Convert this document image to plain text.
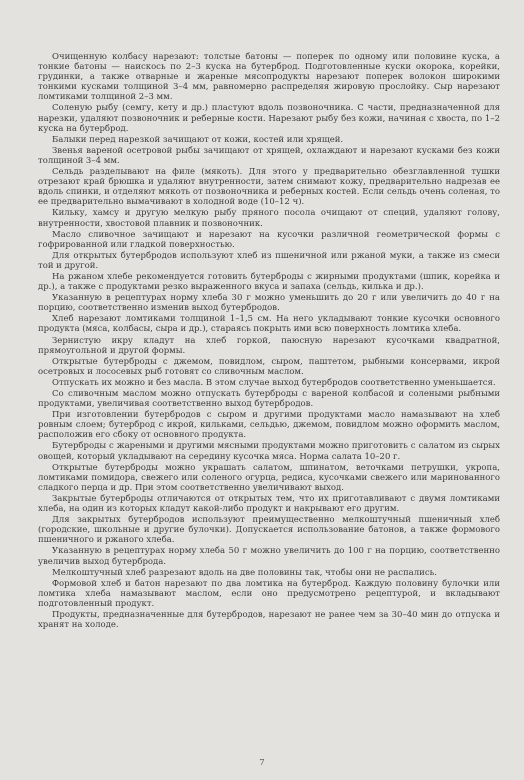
Очищенную колбасу нарезают: толстые батоны — поперек по одному или половине куска, а тонкие батоны — наискось по 2–3 куска на бутерброд. Подготовленные куски окорока, корейки, грудинки, а также отварные и жареные мясопродукты нарезают поперек волокон широкими тонкими кусками толщиной 3–4 мм, равномерно распределяя жировую прослойку. Сыр нарезают ломтиками толщиной 2–3 мм.

Соленую рыбу (семгу, кету и др.) пластуют вдоль позвоночника. С части, предназначенной для нарезки, удаляют позвоночник и реберные кости. Нарезают рыбу без кожи, начиная с хвоста, по 1–2 куска на бутерброд.

Балыки перед нарезкой зачищают от кожи, костей или хрящей.

Звенья вареной осетровой рыбы зачищают от хрящей, охлаждают и нарезают кусками без кожи толщиной 3–4 мм.

Сельдь разделывают на филе (мякоть). Для этого у предварительно обезглавленной тушки отрезают край брюшка и удаляют внутренности, затем снимают кожу, предварительно надрезав ее вдоль спинки, и отделяют мякоть от позвоночника и реберных костей. Если сельдь очень соленая, то ее предварительно вымачивают в холодной воде (10–12 ч).

Кильку, хамсу и другую мелкую рыбу пряного посола очищают от специй, удаляют голову, внутренности, хвостовой плавник и позвоночник.

Масло сливочное зачищают и нарезают на кусочки различной геометрической формы с гофрированной или гладкой поверхностью.

Для открытых бутербродов используют хлеб из пшеничной или ржаной муки, а также из смеси той и другой.

На ржаном хлебе рекомендуется готовить бутерброды с жирными продуктами (шпик, корейка и др.), а также с продуктами резко выраженного вкуса и запаха (сельдь, килька и др.).

Указанную в рецептурах норму хлеба 30 г можно уменьшить до 20 г или увеличить до 40 г на порцию, соответственно изменив выход бутербродов.

Хлеб нарезают ломтиками толщиной 1–1,5 см. На него укладывают тонкие кусочки основного продукта (мяса, колбасы, сыра и др.), стараясь покрыть ими всю поверхность ломтика хлеба.

Зернистую икру кладут на хлеб горкой, паюсную нарезают кусочками квадратной, прямоугольной и другой формы.

Открытые бутерброды с джемом, повидлом, сыром, паштетом, рыбными консервами, икрой осетровых и лососевых рыб готовят со сливочным маслом.

Отпускать их можно и без масла. В этом случае выход бутербродов соответственно уменьшается.

Со сливочным маслом можно отпускать бутерброды с вареной колбасой и солеными рыбными продуктами, увеличивая соответственно выход бутербродов.

При изготовлении бутербродов с сыром и другими продуктами масло намазывают на хлеб ровным слоем; бутерброд с икрой, кильками, сельдью, джемом, повидлом можно оформить маслом, расположив его сбоку от основного продукта.

Бутерброды с жареными и другими мясными продуктами можно приготовить с салатом из сырых овощей, который укладывают на середину кусочка мяса. Норма салата 10–20 г.

Открытые бутерброды можно украшать салатом, шпинатом, веточками петрушки, укропа, ломтиками помидора, свежего или соленого огурца, редиса, кусочками свежего или маринованного сладкого перца и др. При этом соответственно увеличивают выход.

Закрытые бутерброды отличаются от открытых тем, что их приготавливают с двумя ломтиками хлеба, на один из которых кладут какой-либо продукт и накрывают его другим.

Для закрытых бутербродов используют преимущественно мелкоштучный пшеничный хлеб (городские, школьные и другие булочки). Допускается использование батонов, а также формового пшеничного и ржаного хлеба.

Указанную в рецептурах норму хлеба 50 г можно увеличить до 100 г на порцию, соответственно увеличив выход бутерброда.

Мелкоштучный хлеб разрезают вдоль на две половины так, чтобы они не распались.

Формовой хлеб и батон нарезают по два ломтика на бутерброд. Каждую половину булочки или ломтика хлеба намазывают маслом, если оно предусмотрено рецептурой, и вкладывают подготовленный продукт.

Продукты, предназначенные для бутербродов, нарезают не ранее чем за 30–40 мин до отпуска и хранят на холоде.

7
